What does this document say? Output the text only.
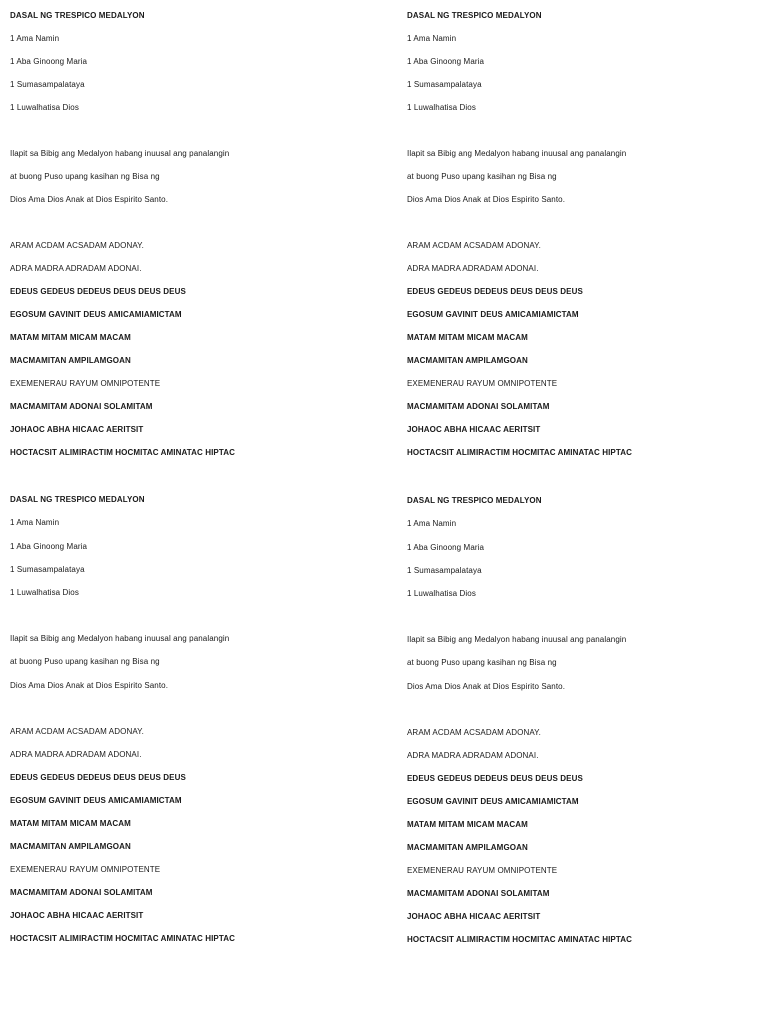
DASAL NG TRESPICO MEDALYON
1 Ama Namin
1 Aba Ginoong Maria
1 Sumasampalataya
1 Luwalhatisa Dios
Ilapit sa Bibig ang Medalyon habang inuusal ang panalangin
at buong Puso upang kasihan ng Bisa ng
Dios Ama Dios Anak at Dios Espirito Santo.
ARAM ACDAM ACSADAM ADONAY.
ADRA MADRA ADRADAM ADONAI.
EDEUS GEDEUS DEDEUS DEUS DEUS DEUS
EGOSUM GAVINIT DEUS AMICAMIAMICTAM
MATAM MITAM MICAM MACAM
MACMAMITAN AMPILAMGOAN
EXEMENERAU RAYUM OMNIPOTENTE
MACMAMITAM ADONAI SOLAMITAM
JOHAOC ABHA HICAAC AERITSIT
HOCTACSIT ALIMIRACTIM HOCMITAC AMINATAC HIPTAC
DASAL NG TRESPICO MEDALYON
1 Ama Namin
1 Aba Ginoong Maria
1 Sumasampalataya
1 Luwalhatisa Dios
Ilapit sa Bibig ang Medalyon habang inuusal ang panalangin
at buong Puso upang kasihan ng Bisa ng
Dios Ama Dios Anak at Dios Espirito Santo.
ARAM ACDAM ACSADAM ADONAY.
ADRA MADRA ADRADAM ADONAI.
EDEUS GEDEUS DEDEUS DEUS DEUS DEUS
EGOSUM GAVINIT DEUS AMICAMIAMICTAM
MATAM MITAM MICAM MACAM
MACMAMITAN AMPILAMGOAN
EXEMENERAU RAYUM OMNIPOTENTE
MACMAMITAM ADONAI SOLAMITAM
JOHAOC ABHA HICAAC AERITSIT
HOCTACSIT ALIMIRACTIM HOCMITAC AMINATAC HIPTAC
DASAL NG TRESPICO MEDALYON
1 Ama Namin
1 Aba Ginoong Maria
1 Sumasampalataya
1 Luwalhatisa Dios
Ilapit sa Bibig ang Medalyon habang inuusal ang panalangin
at buong Puso upang kasihan ng Bisa ng
Dios Ama Dios Anak at Dios Espirito Santo.
ARAM ACDAM ACSADAM ADONAY.
ADRA MADRA ADRADAM ADONAI.
EDEUS GEDEUS DEDEUS DEUS DEUS DEUS
EGOSUM GAVINIT DEUS AMICAMIAMICTAM
MATAM MITAM MICAM MACAM
MACMAMITAN AMPILAMGOAN
EXEMENERAU RAYUM OMNIPOTENTE
MACMAMITAM ADONAI SOLAMITAM
JOHAOC ABHA HICAAC AERITSIT
HOCTACSIT ALIMIRACTIM HOCMITAC AMINATAC HIPTAC
DASAL NG TRESPICO MEDALYON
1 Ama Namin
1 Aba Ginoong Maria
1 Sumasampalataya
1 Luwalhatisa Dios
Ilapit sa Bibig ang Medalyon habang inuusal ang panalangin
at buong Puso upang kasihan ng Bisa ng
Dios Ama Dios Anak at Dios Espirito Santo.
ARAM ACDAM ACSADAM ADONAY.
ADRA MADRA ADRADAM ADONAI.
EDEUS GEDEUS DEDEUS DEUS DEUS DEUS
EGOSUM GAVINIT DEUS AMICAMIAMICTAM
MATAM MITAM MICAM MACAM
MACMAMITAN AMPILAMGOAN
EXEMENERAU RAYUM OMNIPOTENTE
MACMAMITAM ADONAI SOLAMITAM
JOHAOC ABHA HICAAC AERITSIT
HOCTACSIT ALIMIRACTIM HOCMITAC AMINATAC HIPTAC
